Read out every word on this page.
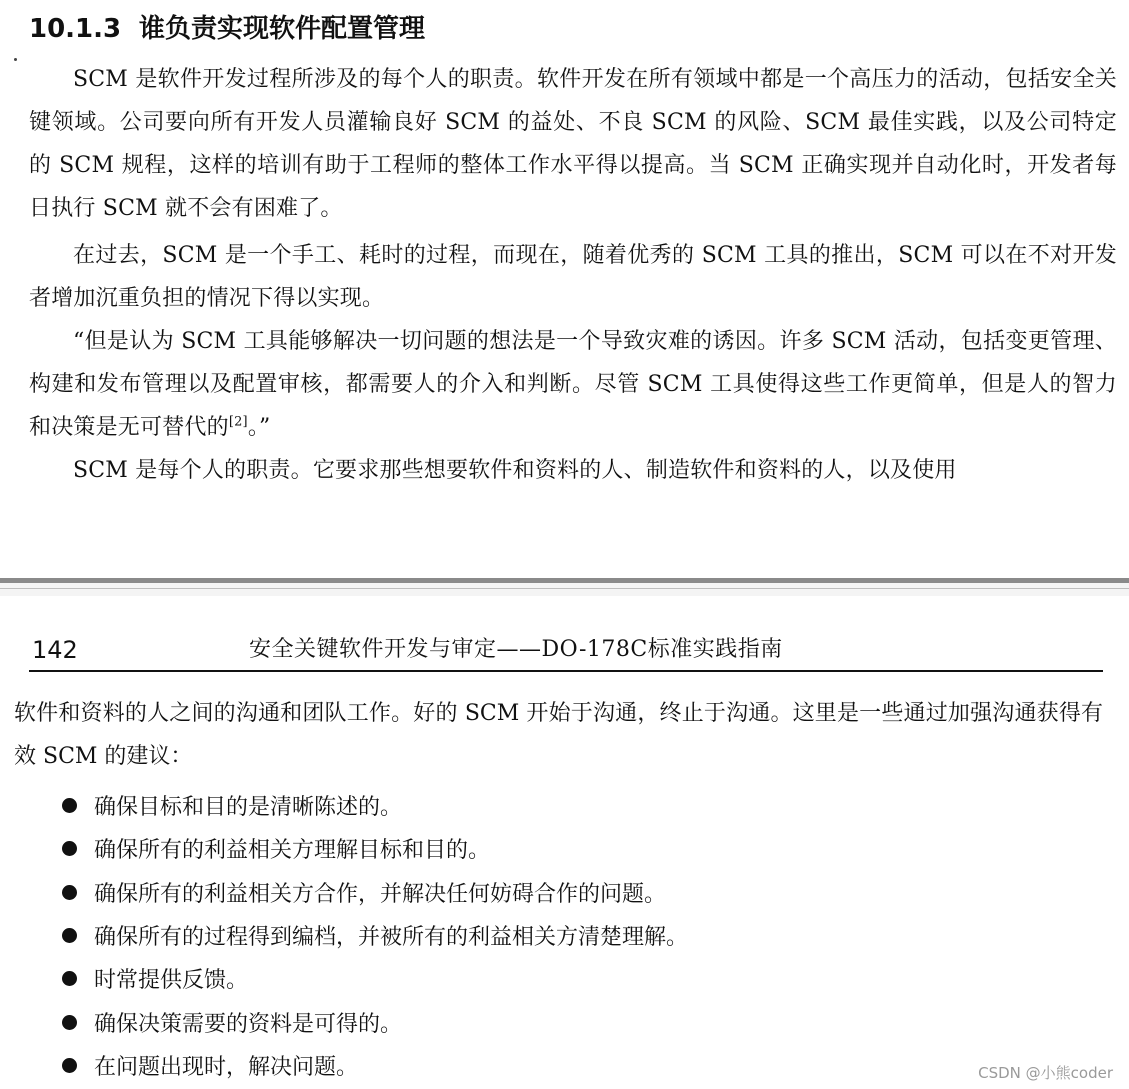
10.1.3 谁负责实现软件配置管理

SCM 是软件开发过程所涉及的每个人的职责。软件开发在所有领域中都是一个高压力的活动，包括安全关键领域。公司要向所有开发人员灌输良好 SCM 的益处、不良 SCM 的风险、SCM 最佳实践，以及公司特定的 SCM 规程，这样的培训有助于工程师的整体工作水平得以提高。当 SCM 正确实现并自动化时，开发者每日执行 SCM 就不会有困难了。

在过去，SCM 是一个手工、耗时的过程，而现在，随着优秀的 SCM 工具的推出，SCM 可以在不对开发者增加沉重负担的情况下得以实现。

“但是认为 SCM 工具能够解决一切问题的想法是一个导致灾难的诱因。许多 SCM 活动，包括变更管理、构建和发布管理以及配置审核，都需要人的介入和判断。尽管 SCM 工具使得这些工作更简单，但是人的智力和决策是无可替代的[2]。”

SCM 是每个人的职责。它要求那些想要软件和资料的人、制造软件和资料的人，以及使用

142	安全关键软件开发与审定——DO-178C标准实践指南

软件和资料的人之间的沟通和团队工作。好的 SCM 开始于沟通，终止于沟通。这里是一些通过加强沟通获得有效 SCM 的建议：

确保目标和目的是清晰陈述的。
确保所有的利益相关方理解目标和目的。
确保所有的利益相关方合作，并解决任何妨碍合作的问题。
确保所有的过程得到编档，并被所有的利益相关方清楚理解。
时常提供反馈。
确保决策需要的资料是可得的。
在问题出现时，解决问题。	CSDN @小熊coder
